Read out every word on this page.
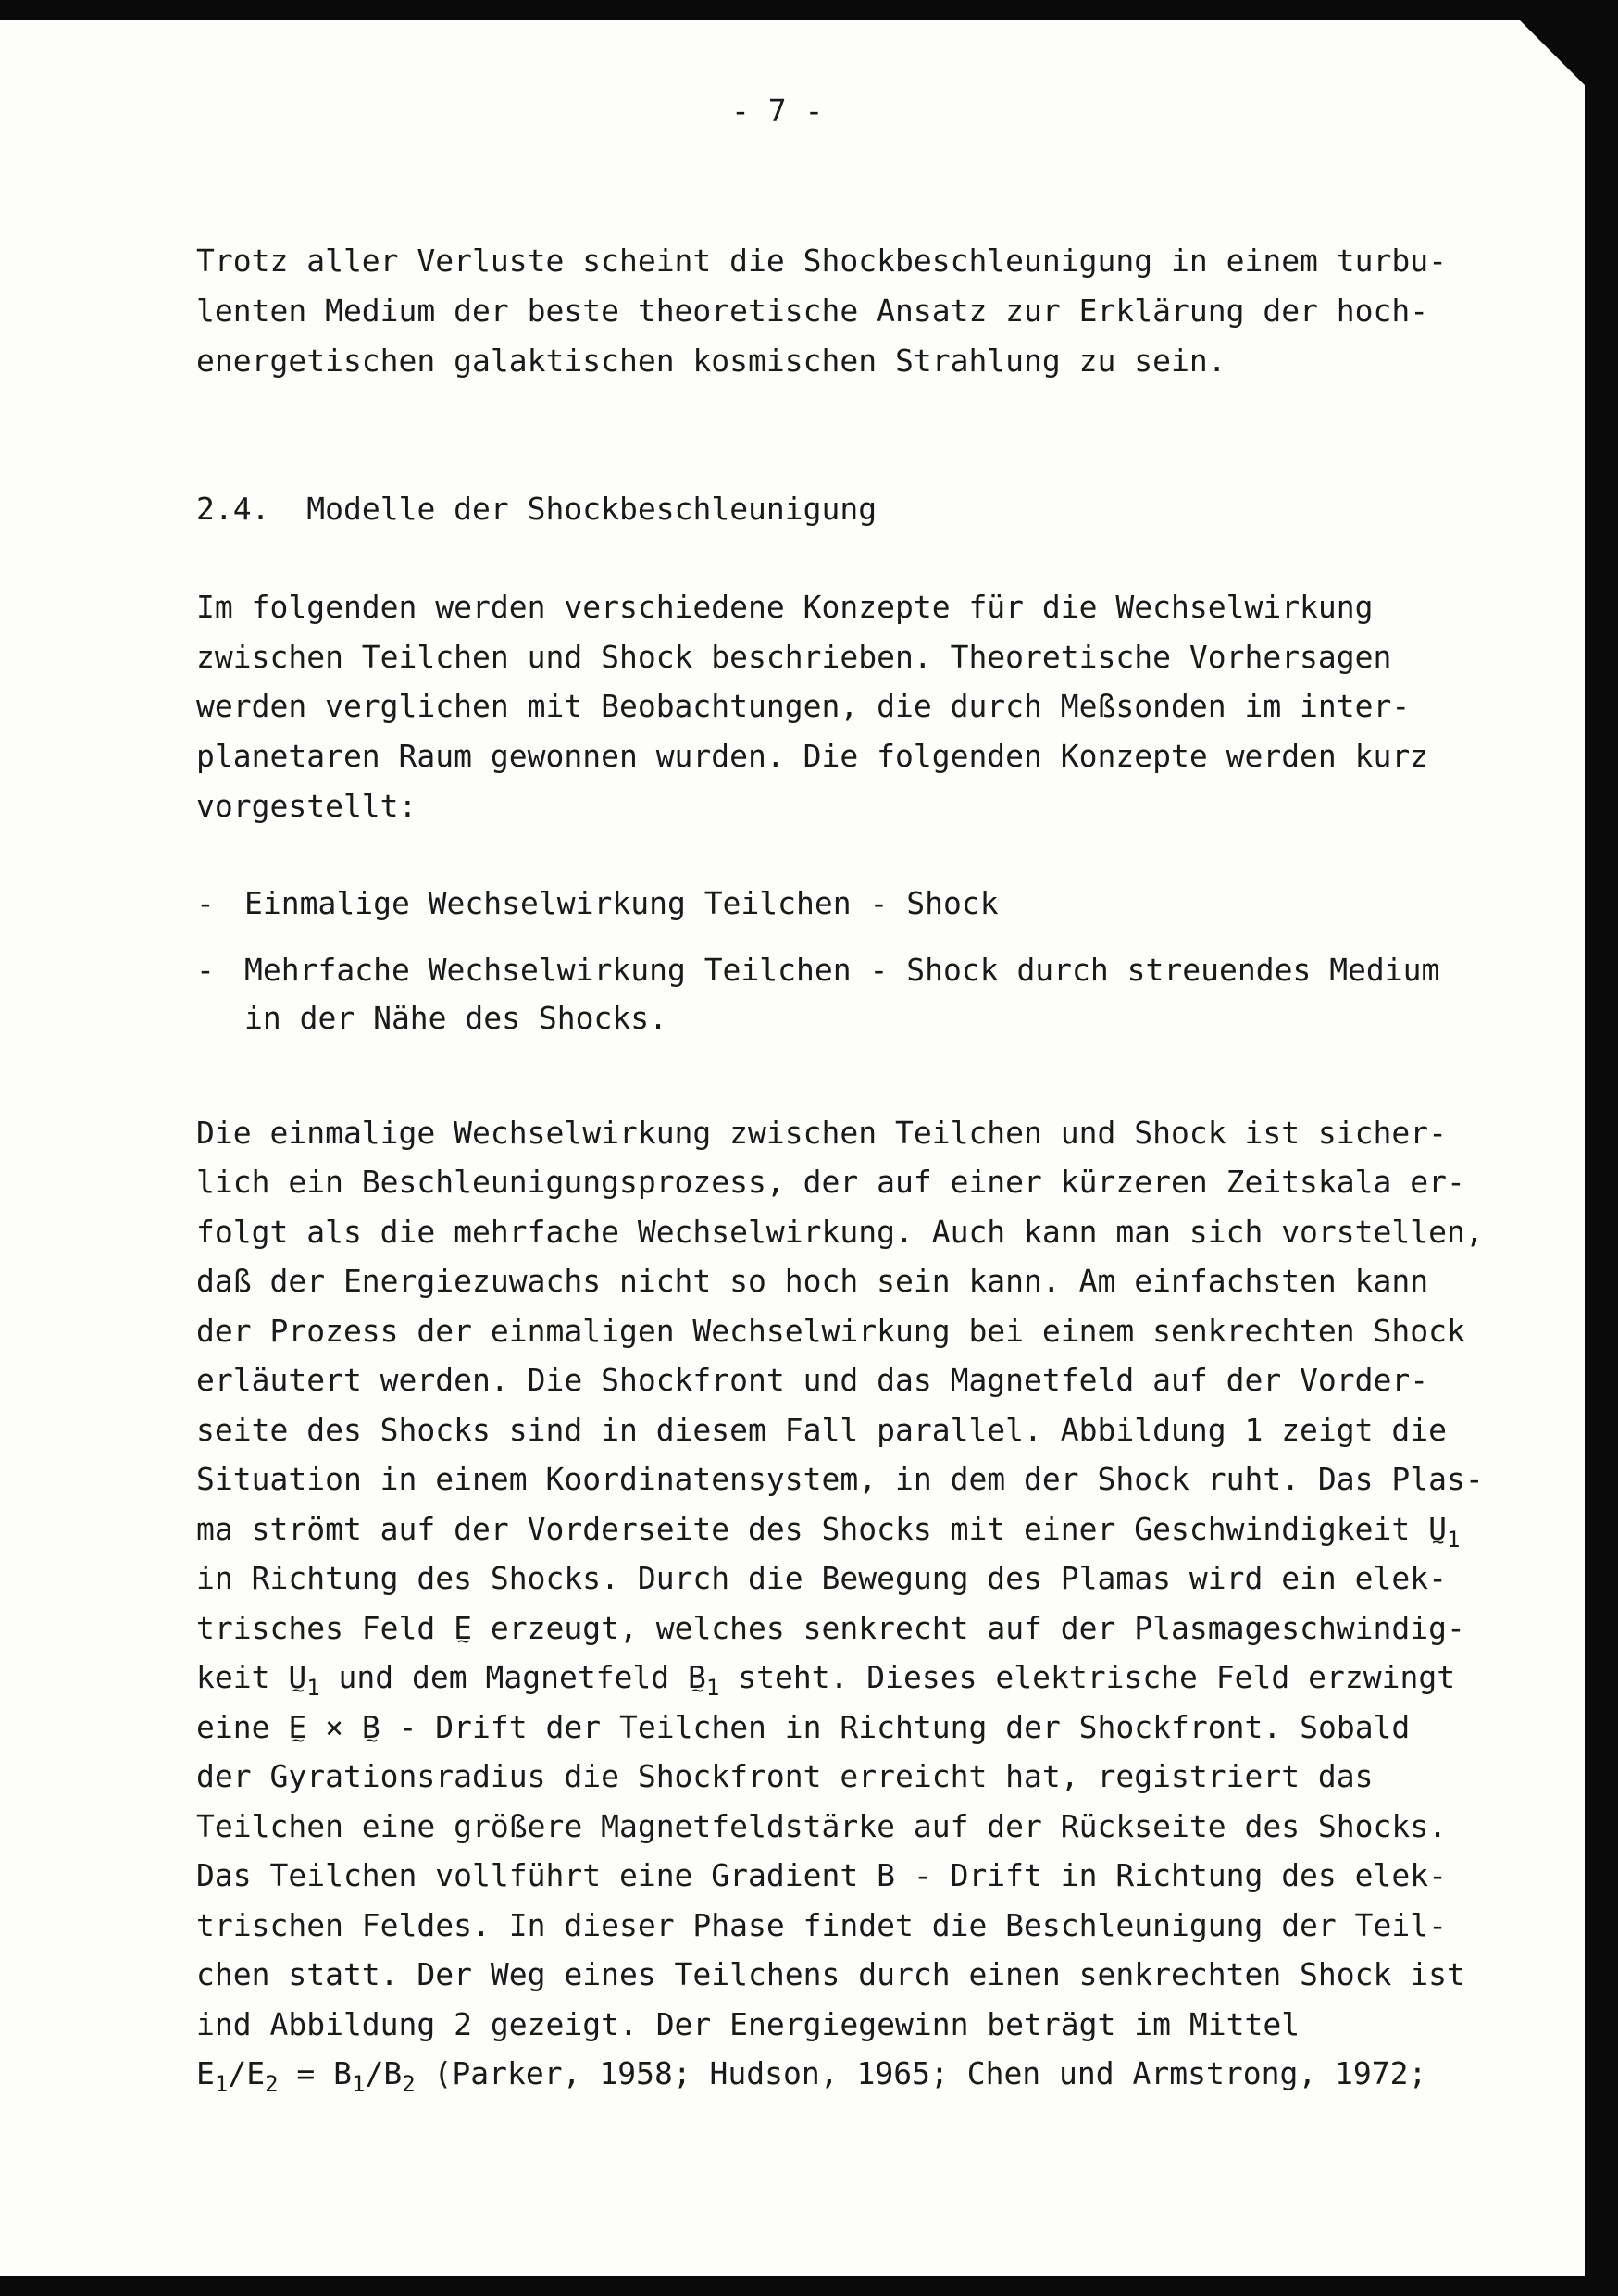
- 7 -

Trotz aller Verluste scheint die Shockbeschleunigung in einem turbu-

lenten Medium der beste theoretische Ansatz zur Erklärung der hoch-

energetischen galaktischen kosmischen Strahlung zu sein.

2.4. Modelle der Shockbeschleunigung

Im folgenden werden verschiedene Konzepte für die Wechselwirkung

zwischen Teilchen und Shock beschrieben. Theoretische Vorhersagen

werden verglichen mit Beobachtungen, die durch Meßsonden im inter-

planetaren Raum gewonnen wurden. Die folgenden Konzepte werden kurz

vorgestellt:

- Einmalige Wechselwirkung Teilchen - Shock

- Mehrfache Wechselwirkung Teilchen - Shock durch streuendes Medium

in der Nähe des Shocks.

Die einmalige Wechselwirkung zwischen Teilchen und Shock ist sicher-

lich ein Beschleunigungsprozess, der auf einer kürzeren Zeitskala er-

folgt als die mehrfache Wechselwirkung. Auch kann man sich vorstellen,

daß der Energiezuwachs nicht so hoch sein kann. Am einfachsten kann

der Prozess der einmaligen Wechselwirkung bei einem senkrechten Shock

erläutert werden. Die Shockfront und das Magnetfeld auf der Vorder-

seite des Shocks sind in diesem Fall parallel. Abbildung 1 zeigt die

Situation in einem Koordinatensystem, in dem der Shock ruht. Das Plas-

ma strömt auf der Vorderseite des Shocks mit einer Geschwindigkeit U $\sim_1$

in Richtung des Shocks. Durch die Bewegung des Plamas wird ein elek-

trisches Feld E ~ erzeugt, welches senkrecht auf der Plasmageschwindig-

keit U $\sim_1$ und dem Magnetfeld B $\sim_1$ steht. Dieses elektrische Feld erzwingt

eine E ~ × B ~ - Drift der Teilchen in Richtung der Shockfront. Sobald

der Gyrationsradius die Shockfront erreicht hat, registriert das

Teilchen eine größere Magnetfeldstärke auf der Rückseite des Shocks.

Das Teilchen vollführt eine Gradient B - Drift in Richtung des elek-

trischen Feldes. In dieser Phase findet die Beschleunigung der Teil-

chen statt. Der Weg eines Teilchens durch einen senkrechten Shock ist

ind Abbildung 2 gezeigt. Der Energiegewinn beträgt im Mittel

$E_1/E_2 = B_1/B_2$ (Parker, 1958; Hudson, 1965; Chen und Armstrong, 1972;
